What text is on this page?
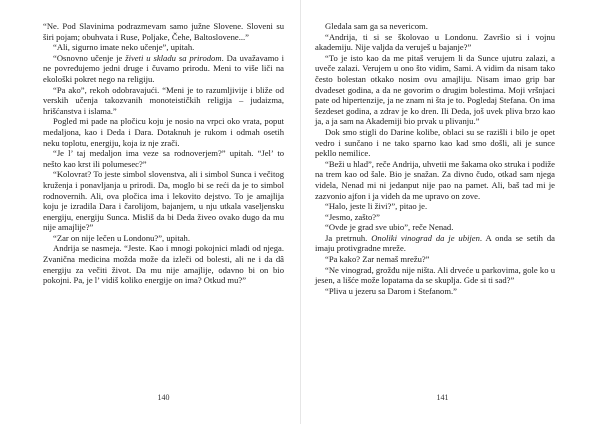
“Ne. Pod Slavinima podrazmevam samo južne Slovene. Sloveni su širi pojam; obuhvata i Ruse, Poljake, Čehe, Baltoslovene...”

“Ali, sigurno imate neko učenje”, upitah.

“Osnovno učenje je živeti u skladu sa prirodom. Da uvažavamo i ne povređujemo jedni druge i čuvamo prirodu. Meni to više liči na ekološki pokret nego na religiju.

“Pa ako”, rekoh odobravajući. “Meni je to razumljivije i bliže od verskih učenja takozvanih monoteističkih religija – judaizma, hrišćanstva i islama.”

Pogled mi pade na pločicu koju je nosio na vrpci oko vrata, poput medaljona, kao i Deda i Dara. Dotaknuh je rukom i odmah osetih neku toplotu, energiju, koja iz nje zrači.

“Je l’ taj medaljon ima veze sa rodnoverjem?” upitah. “Jel’ to nešto kao krst ili polumesec?”

“Kolovrat? To jeste simbol slovenstva, ali i simbol Sunca i večitog kruženja i ponavljanja u prirodi. Da, moglo bi se reći da je to simbol rodnovernih. Ali, ova pločica ima i lekovito dejstvo. To je amajlija koju je izradila Dara i čarolijom, bajanjem, u nju utkala vaseljensku energiju, energiju Sunca. Misliš da bi Deda živeo ovako dugo da mu nije amajlije?”

“Zar on nije lečen u Londonu?”, upitah.

Andrija se nasmeja. “Jeste. Kao i mnogi pokojnici mlađi od njega. Zvanična medicina možda može da izleči od bolesti, ali ne i da dâ energiju za večiti život. Da mu nije amajlije, odavno bi on bio pokojni. Pa, je l’ vidiš koliko energije on ima? Otkud mu?”

140

Gledala sam ga sa nevericom.

“Andrija, ti si se školovao u Londonu. Završio si i vojnu akademiju. Nije valjda da veruješ u bajanje?”

“To je isto kao da me pitaš verujem li da Sunce ujutru zalazi, a uveče zalazi. Verujem u ono što vidim, Sami. A vidim da nisam tako često bolestan otkako nosim ovu amajliju. Nisam imao grip bar dvadeset godina, a da ne govorim o drugim bolestima. Moji vršnjaci pate od hipertenzije, ja ne znam ni šta je to. Pogledaj Stefana. On ima šezdeset godina, a zdrav je ko dren. Ili Deda, još uvek pliva brzo kao ja, a ja sam na Akademiji bio prvak u plivanju.”

Dok smo stigli do Darine kolibe, oblaci su se razišli i bilo je opet vedro i sunčano i ne tako sparno kao kad smo došli, ali je sunce pekllo nemilice.

“Beži u hlad”, reče Andrija, uhvetii me šakama oko struka i podiže na trem kao od šale. Bio je snažan. Za divno čudo, otkad sam njega videla, Nenad mi ni jedanput nije pao na pamet. Ali, baš tad mi je zazvonio ajfon i ja videh da me upravo on zove.

“Halo, jeste li živi?”, pitao je.

“Jesmo, zašto?”

“Ovde je grad sve ubio”, reče Nenad.

Ja pretrnuh. Onoliki vinograd da je ubijen. A onda se setih da imaju protivgradne mreže.

“Pa kako? Zar nemaš mrežu?”

“Ne vinograd, grožđu nije ništa. Ali drveće u parkovima, gole ko u jesen, a lišće može lopatama da se skuplja. Gde si ti sad?”

“Pliva u jezeru sa Darom i Stefanom.”

141
